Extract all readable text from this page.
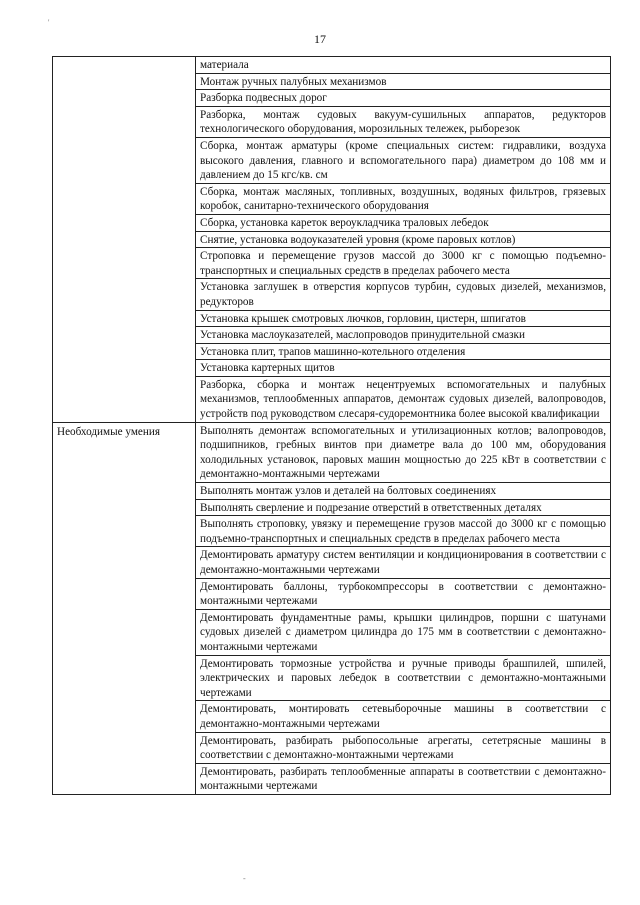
17
	материала
	Монтаж ручных палубных механизмов
	Разборка подвесных дорог
	Разборка, монтаж судовых вакуум-сушильных аппаратов, редукторов технологического оборудования, морозильных тележек, рыборезок
	Сборка, монтаж арматуры (кроме специальных систем: гидравлики, воздуха высокого давления, главного и вспомогательного пара) диаметром до 108 мм и давлением до 15 кгс/кв. см
	Сборка, монтаж масляных, топливных, воздушных, водяных фильтров, грязевых коробок, санитарно-технического оборудования
	Сборка, установка кареток вероукладчика траловых лебедок
	Снятие, установка водоуказателей уровня (кроме паровых котлов)
	Строповка и перемещение грузов массой до 3000 кг с помощью подъемно-транспортных и специальных средств в пределах рабочего места
	Установка заглушек в отверстия корпусов турбин, судовых дизелей, механизмов, редукторов
	Установка крышек смотровых лючков, горловин, цистерн, шпигатов
	Установка маслоуказателей, маслопроводов принудительной смазки
	Установка плит, трапов машинно-котельного отделения
	Установка картерных щитов
	Разборка, сборка и монтаж нецентруемых вспомогательных и палубных механизмов, теплообменных аппаратов, демонтаж судовых дизелей, валопроводов, устройств под руководством слесаря-судоремонтника более высокой квалификации
Необходимые умения	Выполнять демонтаж вспомогательных и утилизационных котлов; валопроводов, подшипников, гребных винтов при диаметре вала до 100 мм, оборудования холодильных установок, паровых машин мощностью до 225 кВт в соответствии с демонтажно-монтажными чертежами
	Выполнять монтаж узлов и деталей на болтовых соединениях
	Выполнять сверление и подрезание отверстий в ответственных деталях
	Выполнять строповку, увязку и перемещение грузов массой до 3000 кг с помощью подъемно-транспортных и специальных средств в пределах рабочего места
	Демонтировать арматуру систем вентиляции и кондиционирования в соответствии с демонтажно-монтажными чертежами
	Демонтировать баллоны, турбокомпрессоры в соответствии с демонтажно-монтажными чертежами
	Демонтировать фундаментные рамы, крышки цилиндров, поршни с шатунами судовых дизелей с диаметром цилиндра до 175 мм в соответствии с демонтажно-монтажными чертежами
	Демонтировать тормозные устройства и ручные приводы брашпилей, шпилей, электрических и паровых лебедок в соответствии с демонтажно-монтажными чертежами
	Демонтировать, монтировать сетевыборочные машины в соответствии с демонтажно-монтажными чертежами
	Демонтировать, разбирать рыбопосольные агрегаты, сететрясные машины в соответствии с демонтажно-монтажными чертежами
	Демонтировать, разбирать теплообменные аппараты в соответствии с демонтажно-монтажными чертежами
'
-
